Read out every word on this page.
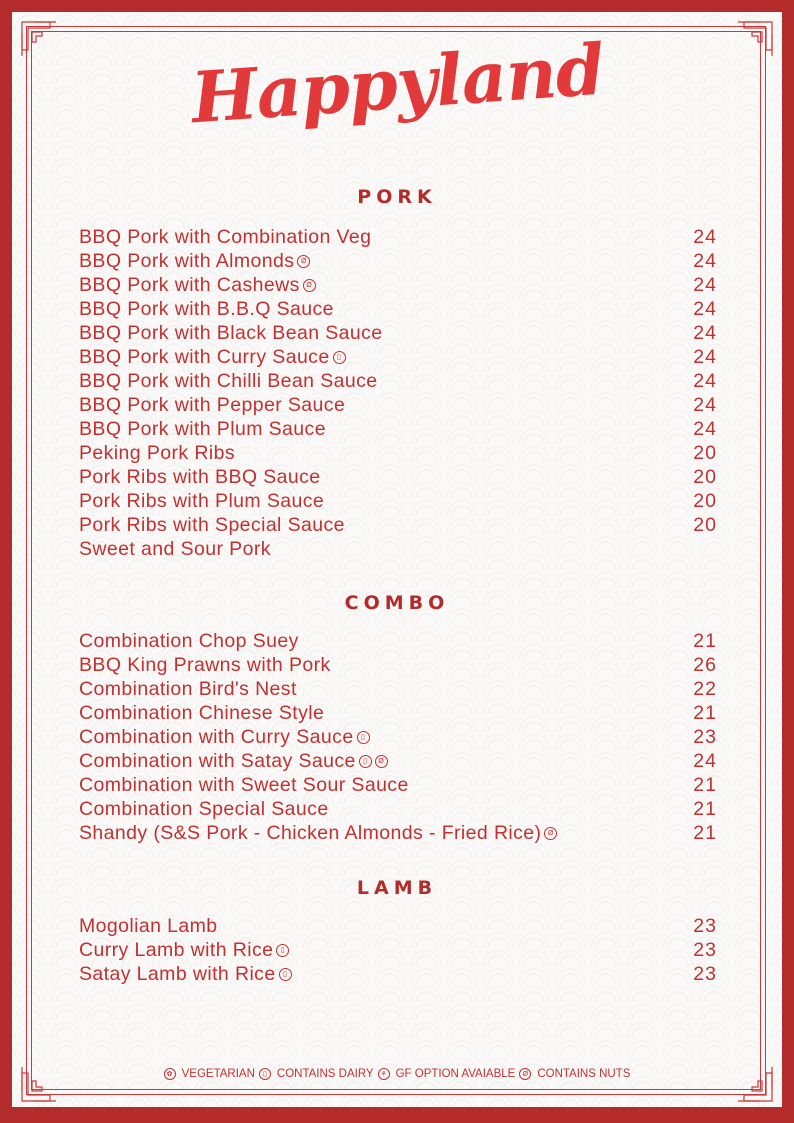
Happyland
PORK
BBQ Pork with Combination Veg	24
BBQ Pork with Almonds Ø	24
BBQ Pork with Cashews Ø	24
BBQ Pork with B.B.Q Sauce	24
BBQ Pork with Black Bean Sauce	24
BBQ Pork with Curry Sauce	▯	24
BBQ Pork with Chilli Bean Sauce	24
BBQ Pork with Pepper Sauce	24
BBQ Pork with Plum Sauce	24
Peking Pork Ribs	20
Pork Ribs with BBQ Sauce	20
Pork Ribs with Plum Sauce	20
Pork Ribs with Special Sauce	20
Sweet and Sour Pork
COMBO
Combination Chop Suey	21
BBQ King Prawns with Pork	26
Combination Bird's Nest	22
Combination Chinese Style	21
Combination with Curry Sauce	▯	23
Combination with Satay Sauce	▯	Ø	24
Combination with Sweet Sour Sauce	21
Combination Special Sauce	21
Shandy (S&S Pork - Chicken Almonds - Fried Rice) Ø	21
LAMB
Mogolian Lamb	23
Curry Lamb with Rice	▯	23
Satay Lamb with Rice	▯	23
✿ VEGETARIAN	▯ CONTAINS DAIRY ⚘ GF OPTION AVAIABLE	Ø CONTAINS NUTS
